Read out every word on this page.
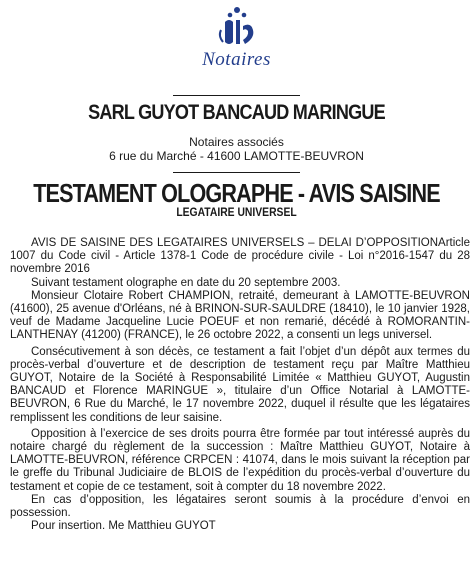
Notaires
SARL GUYOT BANCAUD MARINGUE
Notaires associés
6 rue du Marché - 41600 LAMOTTE-BEUVRON
TESTAMENT OLOGRAPHE - AVIS SAISINE
LEGATAIRE UNIVERSEL

AVIS DE SAISINE DES LEGATAIRES UNIVERSELS – DELAI D’OPPOSITIONArticle 1007 du Code civil - Article 1378-1 Code de procédure civile - Loi n°2016-1547 du 28 novembre 2016

Suivant testament olographe en date du 20 septembre 2003.

Monsieur Clotaire Robert CHAMPION, retraité, demeurant à LAMOTTE-BEUVRON (41600), 25 avenue d'Orléans, né à BRINON-SUR-SAULDRE (18410), le 10 janvier 1928, veuf de Madame Jacqueline Lucie POEUF et non remarié, décédé à ROMORANTIN-LANTHENAY (41200) (FRANCE), le 26 octobre 2022, a consenti un legs universel.

Consécutivement à son décès, ce testament a fait l’objet d’un dépôt aux termes du procès-verbal d’ouverture et de description de testament reçu par Maître Matthieu GUYOT, Notaire de la Société à Responsabilité Limitée « Matthieu GUYOT, Augustin BANCAUD et Florence MARINGUE », titulaire d’un Office Notarial à LAMOTTE-BEUVRON, 6 Rue du Marché, le 17 novembre 2022, duquel il résulte que les légataires remplissent les conditions de leur saisine.

Opposition à l’exercice de ses droits pourra être formée par tout intéressé auprès du notaire chargé du règlement de la succession : Maître Matthieu GUYOT, Notaire à LAMOTTE-BEUVRON, référence CRPCEN : 41074, dans le mois suivant la réception par le greffe du Tribunal Judiciaire de BLOIS de l’expédition du procès-verbal d’ouverture du testament et copie de ce testament, soit à compter du 18 novembre 2022.

En cas d’opposition, les légataires seront soumis à la procédure d’envoi en possession.

Pour insertion. Me Matthieu GUYOT
